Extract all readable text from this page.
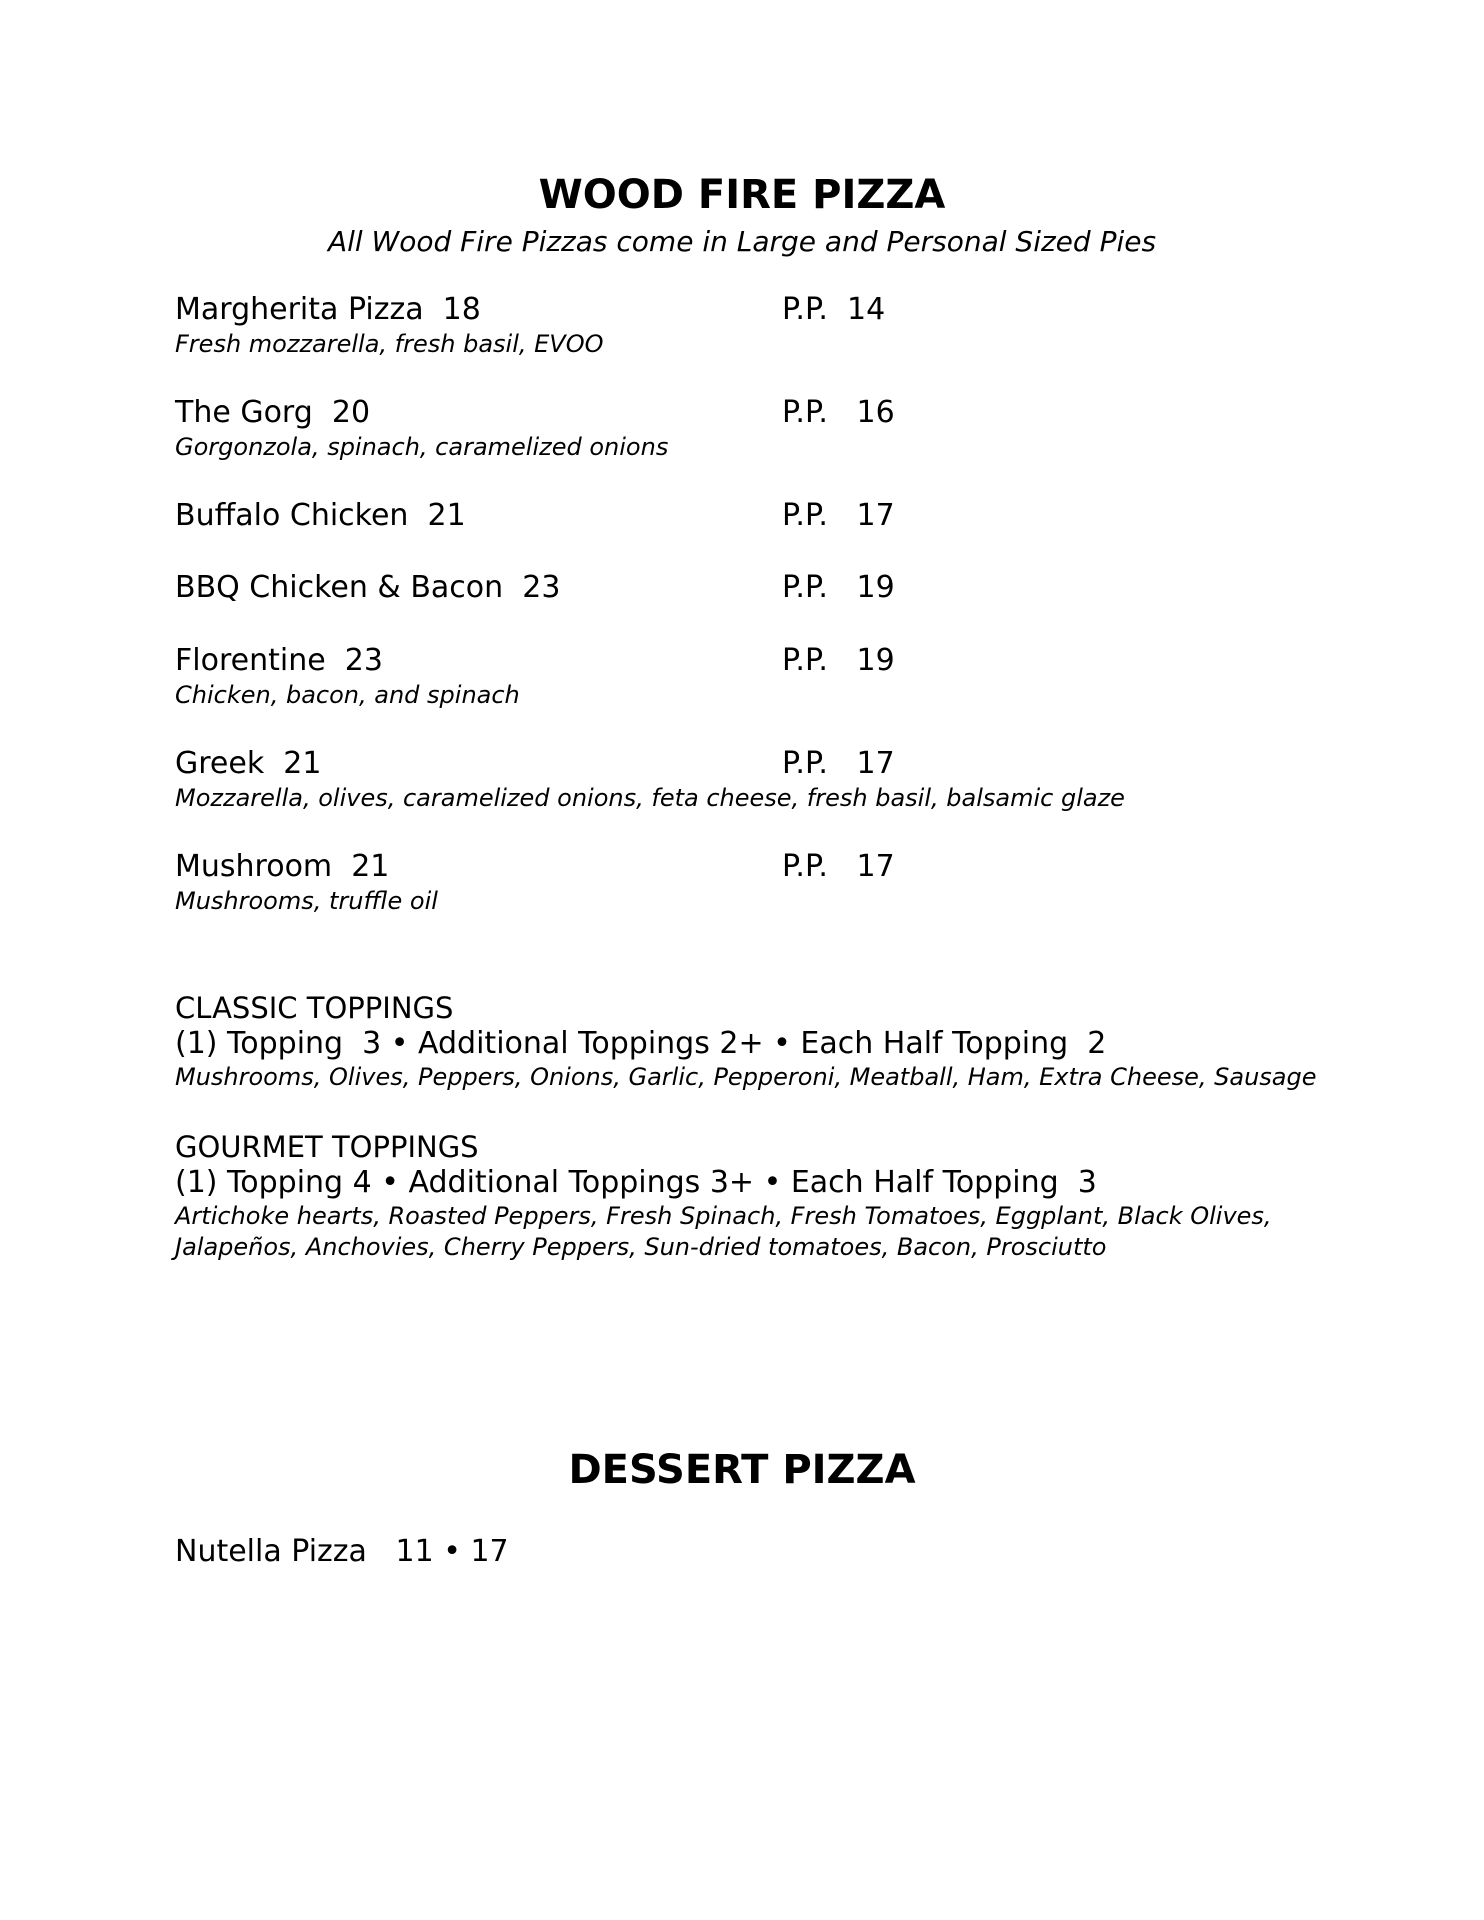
WOOD FIRE PIZZA

All Wood Fire Pizzas come in Large and Personal Sized Pies

Margherita Pizza  18

	P.P.  14

Fresh mozzarella, fresh basil, EVOO

The Gorg  20

	P.P.   16

Gorgonzola, spinach, caramelized onions

Buffalo Chicken  21

	P.P.   17

BBQ Chicken & Bacon  23

	P.P.   19

Florentine  23

	P.P.   19

Chicken, bacon, and spinach

Greek  21

	P.P.   17

Mozzarella, olives, caramelized onions, feta cheese, fresh basil, balsamic glaze

Mushroom  21

	P.P.   17

Mushrooms, truffle oil
CLASSIC TOPPINGS
(1) Topping  3 • Additional Toppings 2+ • Each Half Topping  2
Mushrooms, Olives, Peppers, Onions, Garlic, Pepperoni, Meatball, Ham, Extra Cheese, Sausage
GOURMET TOPPINGS
(1) Topping 4 • Additional Toppings 3+ • Each Half Topping  3
Artichoke hearts, Roasted Peppers, Fresh Spinach, Fresh Tomatoes, Eggplant, Black Olives,
Jalapeños, Anchovies, Cherry Peppers, Sun-dried tomatoes, Bacon, Prosciutto
DESSERT PIZZA
Nutella Pizza   11 • 17
